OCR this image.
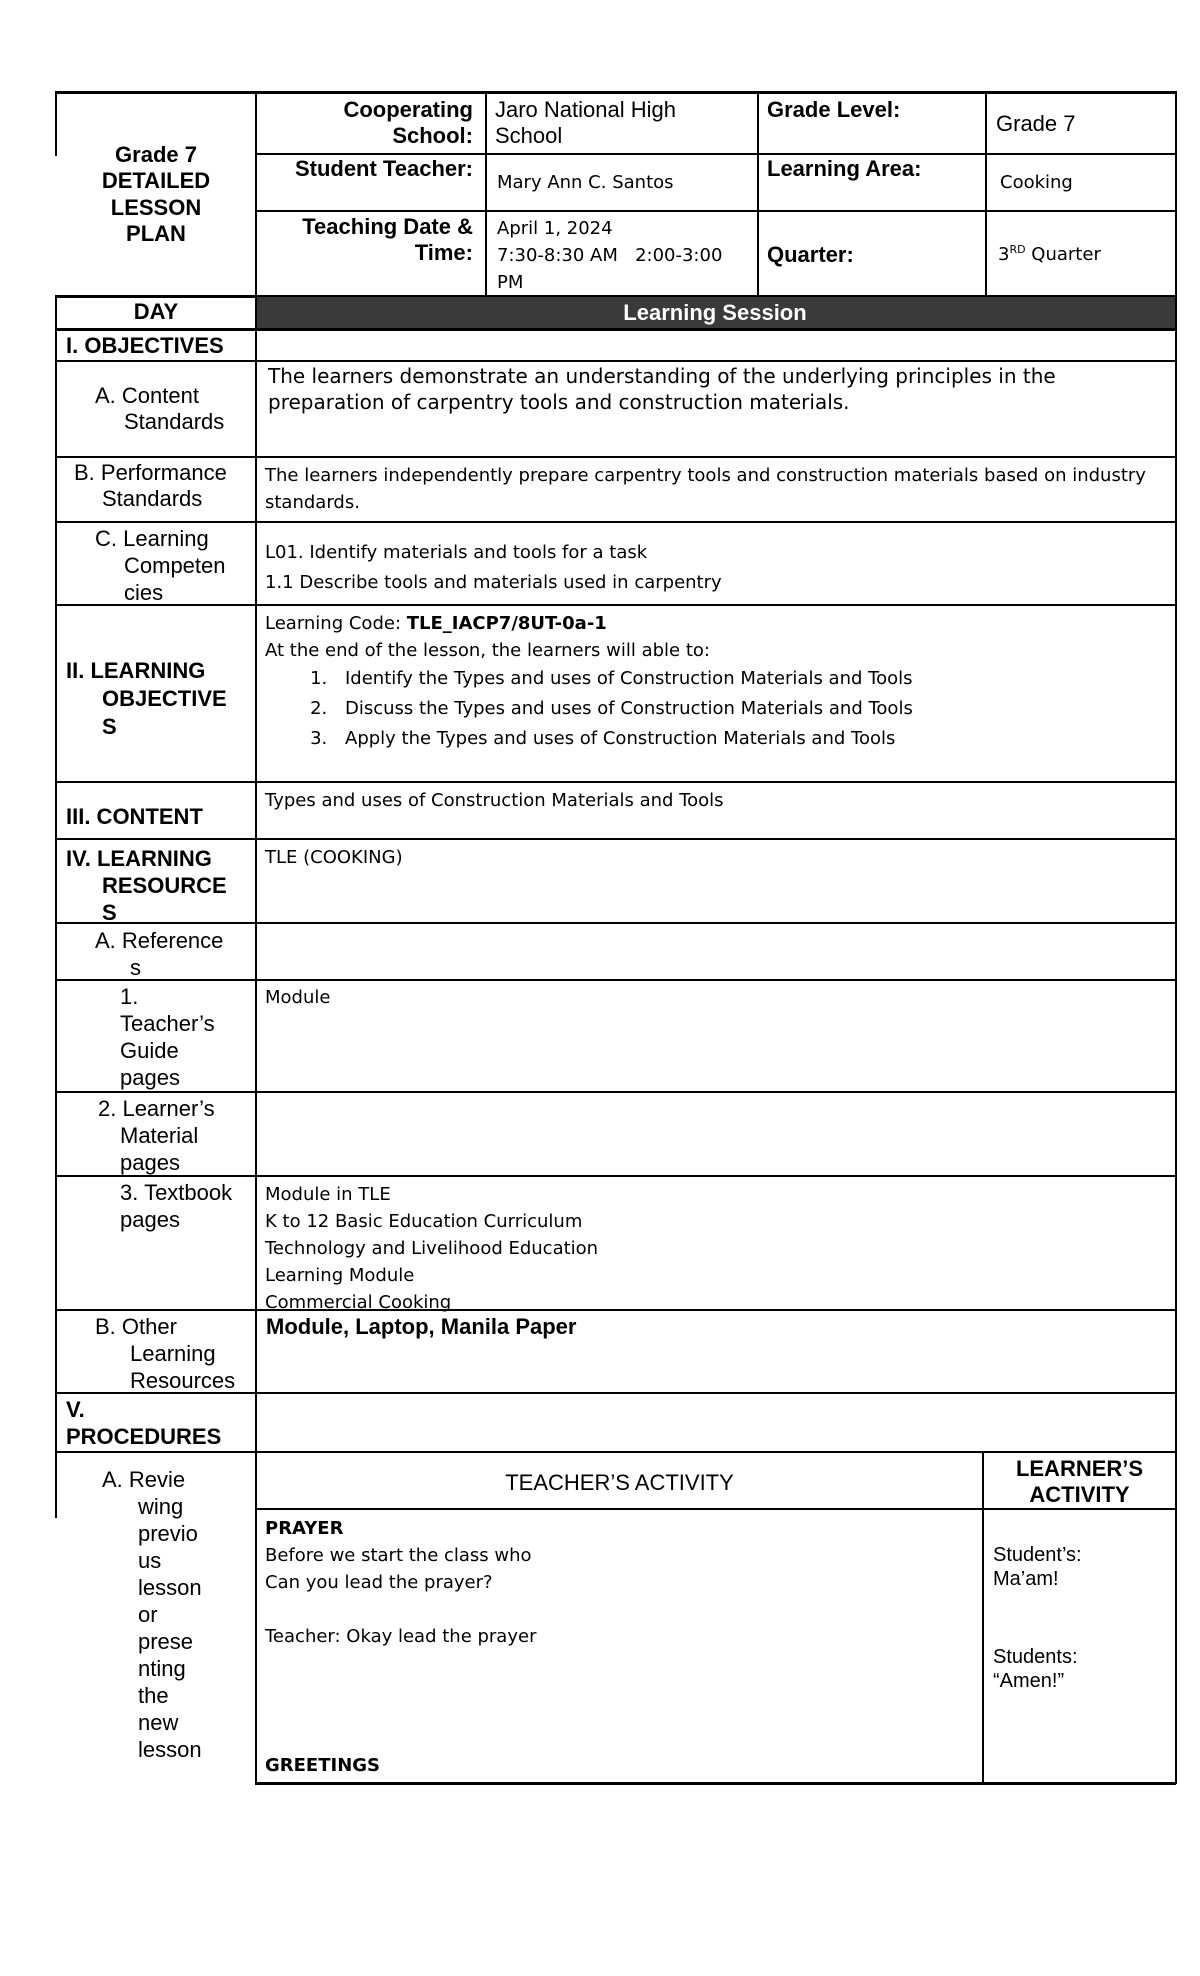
Grade 7
DETAILED
LESSON
PLAN
Cooperating
School:
Jaro National High
School
Grade Level:
Grade 7
Student Teacher:
Mary Ann C. Santos
Learning Area:
Cooking
Teaching Date &
Time:
April 1, 2024
7:30-8:30 AM   2:00-3:00
PM
Quarter:	3RD Quarter
DAY	Learning Session
I. OBJECTIVES
A. Content
Standards
The learners demonstrate an understanding of the underlying principles in the
preparation of carpentry tools and construction materials.
B. Performance
Standards
The learners independently prepare carpentry tools and construction materials based on industry
standards.
C. Learning
Competen
cies
L01. Identify materials and tools for a task
1.1 Describe tools and materials used in carpentry
II. LEARNING
OBJECTIVE
S
Learning Code: TLE_IACP7/8UT-0a-1
At the end of the lesson, the learners will able to:
1. Identify the Types and uses of Construction Materials and Tools
2. Discuss the Types and uses of Construction Materials and Tools
3. Apply the Types and uses of Construction Materials and Tools
III. CONTENT
Types and uses of Construction Materials and Tools
IV. LEARNING
RESOURCE
S
TLE (COOKING)
A. Reference
s
1.
Teacher’s
Guide
pages
Module
2. Learner’s
Material
pages
3. Textbook
pages
Module in TLE
K to 12 Basic Education Curriculum
Technology and Livelihood Education
Learning Module
Commercial Cooking
B. Other
Learning
Resources
Module, Laptop, Manila Paper
V.
PROCEDURES
A. Revie
wing
previo
us
lesson
or
prese
nting
the
new
lesson
TEACHER’S ACTIVITY
LEARNER’S
ACTIVITY
PRAYER
Before we start the class who
Can you lead the prayer?
Teacher: Okay lead the prayer
GREETINGS
Student’s:
Ma’am!
Students:
“Amen!”
